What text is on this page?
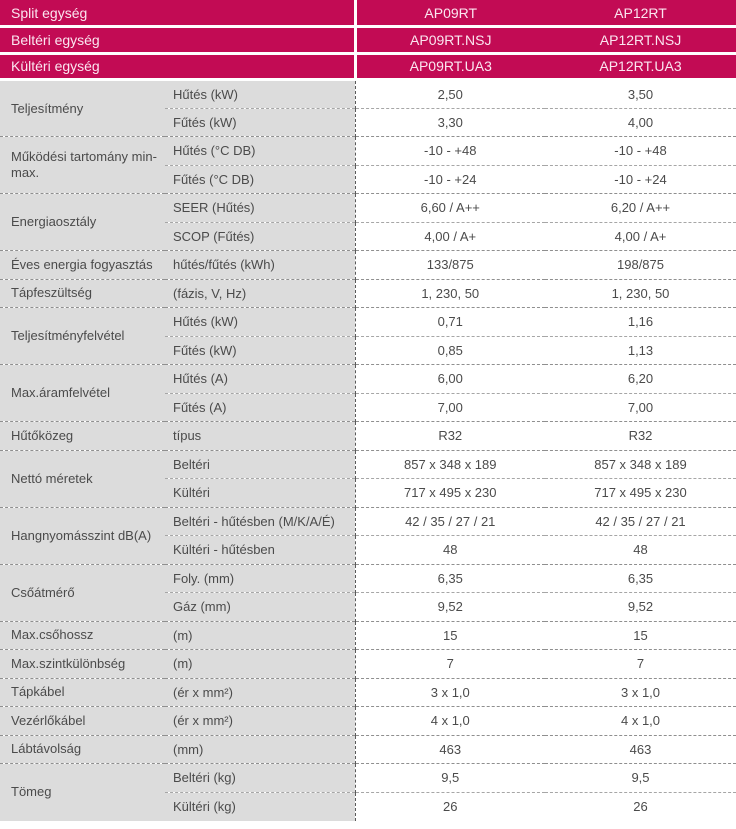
Split egység		AP09RT	AP12RT
Beltéri egység		AP09RT.NSJ	AP12RT.NSJ
Kültéri egység		AP09RT.UA3	AP12RT.UA3
Teljesítmény	Hűtés (kW)	2,50	3,50
	Fűtés (kW)	3,30	4,00
Működési tartomány min-max.	Hűtés (°C DB)	-10 - +48	-10 - +48
	Fűtés (°C DB)	-10 - +24	-10 - +24
Energiaosztály	SEER (Hűtés)	6,60 / A++	6,20 / A++
	SCOP (Fűtés)	4,00 / A+	4,00 / A+
Éves energia fogyasztás	hűtés/fűtés (kWh)	133/875	198/875
Tápfeszültség	(fázis, V, Hz)	1, 230, 50	1, 230, 50
Teljesítményfelvétel	Hűtés (kW)	0,71	1,16
	Fűtés (kW)	0,85	1,13
Max.áramfelvétel	Hűtés (A)	6,00	6,20
	Fűtés (A)	7,00	7,00
Hűtőközeg	típus	R32	R32
Nettó méretek	Beltéri	857 x 348 x 189	857 x 348 x 189
	Kültéri	717 x 495 x 230	717 x 495 x 230
Hangnyomásszint dB(A)	Beltéri - hűtésben (M/K/A/É)	42 / 35 / 27 / 21	42 / 35 / 27 / 21
	Kültéri - hűtésben	48	48
Csőátmérő	Foly. (mm)	6,35	6,35
	Gáz (mm)	9,52	9,52
Max.csőhossz	(m)	15	15
Max.szintkülönbség	(m)	7	7
Tápkábel	(ér x mm²)	3 x 1,0	3 x 1,0
Vezérlőkábel	(ér x mm²)	4 x 1,0	4 x 1,0
Lábtávolság	(mm)	463	463
Tömeg	Beltéri (kg)	9,5	9,5
	Kültéri (kg)	26	26
